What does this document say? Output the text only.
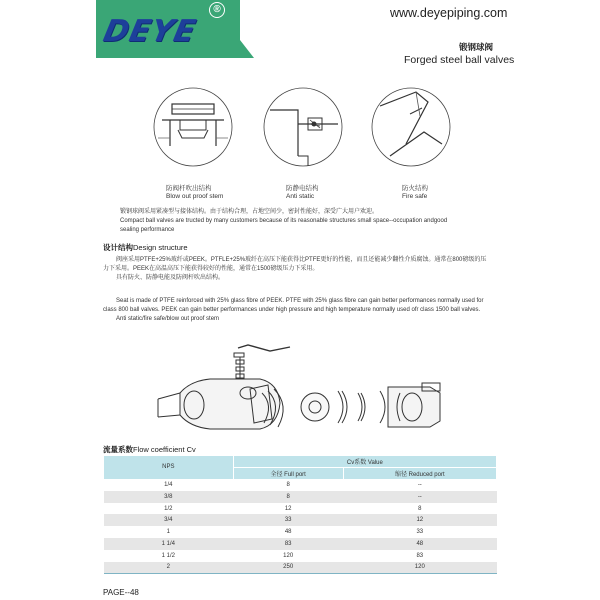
DEYE
®	www.deyepiping.com
锻钢球阀
Forged steel ball valves
防阀杆吹出结构
Blow out proof stem
防静电结构
Anti static
防火结构
Fire safe
锻钢球阀采用紧凑型与接体结构。由于结构合理，占地空间少，密封性能好，深受广大用户欢迎。
Compact ball valves are tructed by many customers because of its reasonable structures small space--occupation andgood
sealing performance
设计结构Design structure
阀座采用PTFE+25%玻纤或PEEK。PTFLE+25%玻纤在高压下能获得比PTFE更好的性能，而且还能减少翻性介质腐蚀。通常在800磅级的压
力下采用。PEEK在高温高压下能获得较好的性能，通常在1500磅级压力下采用。
具有防火、防静电能及防阀杆吹出结构。
Seat is made of PTFE reinforced with 25% glass fibre of PEEK. PTFE with 25% glass fibre can gain better performances normally used for
class 800 ball valves. PEEK can gain better performances under high pressure and high temperature normally used ofr class 1500 ball valves.
Anti static/fire safe/blow out proof stem
流量系数Flow coefficient Cv
NPS	Cv系数 Value	
	全径 Full port	缩径 Reduced port
1/4	8	--
3/8	8	--
1/2	12	8
3/4	33	12
1	48	33
1 1/4	83	48
1 1/2	120	83
2	250	120
PAGE--48
